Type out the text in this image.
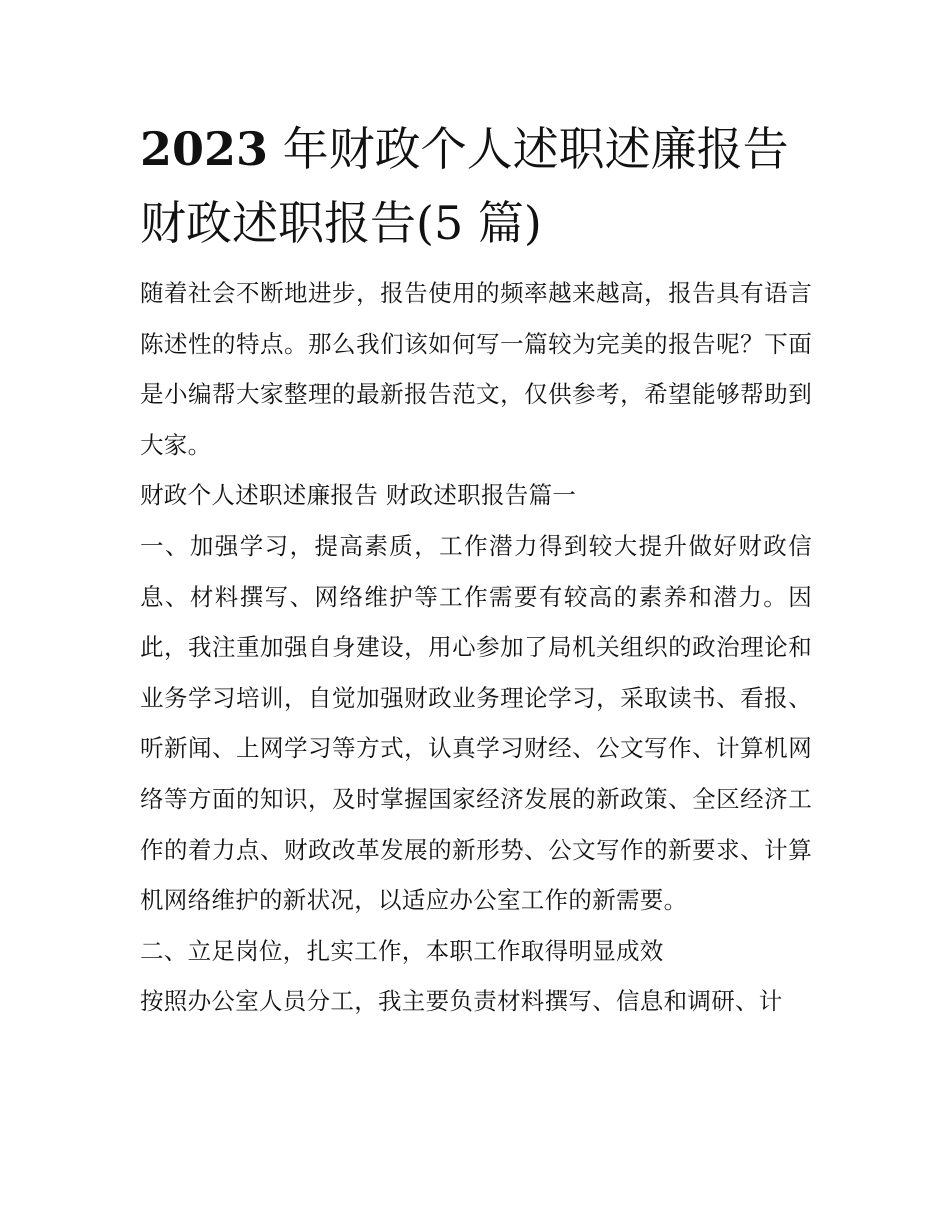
2023 年财政个人述职述廉报告
财政述职报告(5 篇)

随着社会不断地进步，报告使用的频率越来越高，报告具有语言陈述性的特点。那么我们该如何写一篇较为完美的报告呢？下面是小编帮大家整理的最新报告范文，仅供参考，希望能够帮助到大家。

财政个人述职述廉报告 财政述职报告篇一

一、加强学习，提高素质，工作潜力得到较大提升做好财政信息、材料撰写、网络维护等工作需要有较高的素养和潜力。因此，我注重加强自身建设，用心参加了局机关组织的政治理论和业务学习培训，自觉加强财政业务理论学习，采取读书、看报、听新闻、上网学习等方式，认真学习财经、公文写作、计算机网络等方面的知识，及时掌握国家经济发展的新政策、全区经济工作的着力点、财政改革发展的新形势、公文写作的新要求、计算机网络维护的新状况，以适应办公室工作的新需要。

二、立足岗位，扎实工作，本职工作取得明显成效

按照办公室人员分工，我主要负责材料撰写、信息和调研、计
